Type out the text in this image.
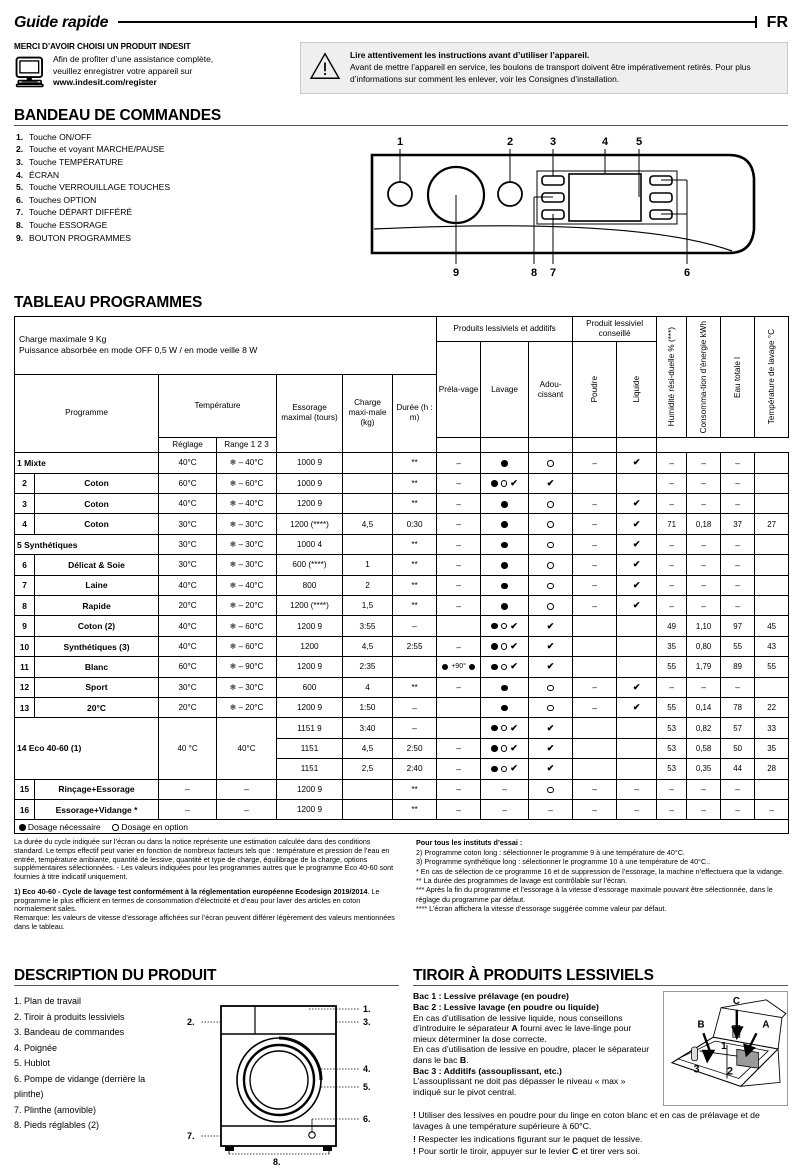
Guide rapide	FR
MERCI D’AVOIR CHOISI UN PRODUIT INDESIT
Afin de profiter d’une assistance complète,
veuillez enregistrer votre appareil sur
www.indesit.com/register
Lire attentivement les instructions avant d’utiliser l’appareil.
Avant de mettre l’appareil en service, les boulons de transport doivent être impérativement retirés. Pour plus d’informations sur comment les enlever, voir les Consignes d’installation.
BANDEAU DE COMMANDES
1. Touche ON/OFF
2. Touche et voyant MARCHE/PAUSE
3. Touche TEMPÉRATURE
4. ÉCRAN
5. Touche VERROUILLAGE TOUCHES
6. Touches OPTION
7. Touche DÉPART DIFFÉRÉ
8. Touche ESSORAGE
9. BOUTON PROGRAMMES
1	2	3	4	5
9	8 7	6
TABLEAU PROGRAMMES
Charge maximale 9 Kg
Puissance absorbée en mode OFF 0,5 W / en mode veille 8 W							Produits lessiviels et additifs			Produit lessiviel conseillé		Humidité rési-duelle % (***)	Consomma-tion d’énergie kWh	Eau totale l	Température de lavage °C

							Préla-vage	Lavage	Adou-cissant	Poudre	Liquide				

Programme		Température		Essorage maximal (tours)	Charge maxi-male (kg)	Durée (h : m)									
		Réglage	Range 1 2 3												
1 Mixte		40°C	❄ – 40°C	1000 9		**	–			–	✔	–	–	–	
2	Coton	60°C	❄ – 60°C	1000 9		**	–	✔	✔			–	–	–	
3	Coton	40°C	❄ – 40°C	1200 9		**	–			–	✔	–	–	–	
4	Coton	30°C	❄ – 30°C	1200 (****)	4,5	0:30	–			–	✔	71	0,18	37	27
5 Synthétiques		30°C	❄ – 30°C	1000 4		**	–			–	✔	–	–	–	
6	Délicat & Soie	30°C	❄ – 30°C	600 (****)	1	**	–			–	✔	–	–	–	
7	Laine	40°C	❄ – 40°C	800	2	**	–			–	✔	–	–	–	
8	Rapide	20°C	❄ – 20°C	1200 (****)	1,5	**	–			–	✔	–	–	–	
9	Coton (2)	40°C	❄ – 60°C	1200 9	3:55	–		✔	✔			49	1,10	97	45
10	Synthétiques (3)	40°C	❄ – 60°C	1200	4,5	2:55	–	✔	✔			35	0,80	55	43
11	Blanc	60°C	❄ – 90°C	1200 9	2:35		+90°	✔	✔			55	1,79	89	55
12	Sport	30°C	❄ – 30°C	600	4	**	–			–	✔	–	–	–	
13	20°C	20°C	❄ – 20°C	1200 9	1:50	–				–	✔	55	0,14	78	22
14 Eco 40-60 (1)		40 °C	40°C	1151 9	3:40	–		✔	✔			53	0,82	57	33
				1151	4,5	2:50	–	✔	✔			53	0,58	50	35
				1151	2,5	2:40	–	✔	✔			53	0,35	44	28
15	Rinçage+Essorage	–	–	1200 9		**	–	–		–	–	–	–	–	
16	Essorage+Vidange *	–	–	1200 9		**	–	–	–	–	–	–	–	–	–
Dosage nécessaire Dosage en option															

La durée du cycle indiquée sur l’écran ou dans la notice représente une estimation calculée dans des conditions standard. Le temps effectif peut varier en fonction de nombreux facteurs tels que : température et pression de l’eau en entrée, température ambiante, quantité de lessive, quantité et type de charge, équilibrage de la charge, options supplémentaires sélectionnées. - Les valeurs indiquées pour les programmes autres que le programme Eco 40-60 sont fournies à titre indicatif uniquement.

1) Eco 40-60 - Cycle de lavage test conformément à la réglementation européenne Ecodesign 2019/2014. Le programme le plus efficient en termes de consommation d’électricité et d’eau pour laver des articles en coton normalement sales.
Remarque: les valeurs de vitesse d’essorage affichées sur l’écran peuvent différer légèrement des valeurs mentionnées dans le tableau.

Pour tous les instituts d’essai :
2) Programme coton long : sélectionner le programme 9 à une température de 40°C.
3) Programme synthétique long : sélectionner le programme 10 à une température de 40°C..
* En cas de sélection de ce programme 16 et de suppression de l’essorage, la machine n’effectuera que la vidange.
** La durée des programmes de lavage est contrôlable sur l’écran.
*** Après la fin du programme et l’essorage à la vitesse d’essorage maximale pouvant être sélectionnée, dans le réglage du programme par défaut.
**** L’écran affichera la vitesse d’essorage suggérée comme valeur par défaut.
DESCRIPTION DU PRODUIT
1. Plan de travail
2. Tiroir à produits lessiviels
3. Bandeau de commandes
4. Poignée
5. Hublot
6. Pompe de vidange (derrière la plinthe)
7. Plinthe (amovible)
8. Pieds réglables (2)
1.
2.	3.
4.
5.
6.
7.
8.
TIROIR À PRODUITS LESSIVIELS
Bac 1 : Lessive prélavage (en poudre)
Bac 2 : Lessive lavage (en poudre ou liquide)
En cas d’utilisation de lessive liquide, nous conseillons d’introduire le séparateur A fourni avec le lave-linge pour mieux déterminer la dose correcte.
En cas d’utilisation de lessive en poudre, placer le séparateur dans le bac B.
Bac 3 : Additifs (assouplissant, etc.)
L’assouplissant ne doit pas dépasser le niveau « max » indiqué sur le pivot central.
B	A
C
1
2
3

! Utiliser des lessives en poudre pour du linge en coton blanc et en cas de prélavage et de lavages à une température supérieure à 60°C.

! Respecter les indications figurant sur le paquet de lessive.

! Pour sortir le tiroir, appuyer sur le levier C et tirer vers soi.
